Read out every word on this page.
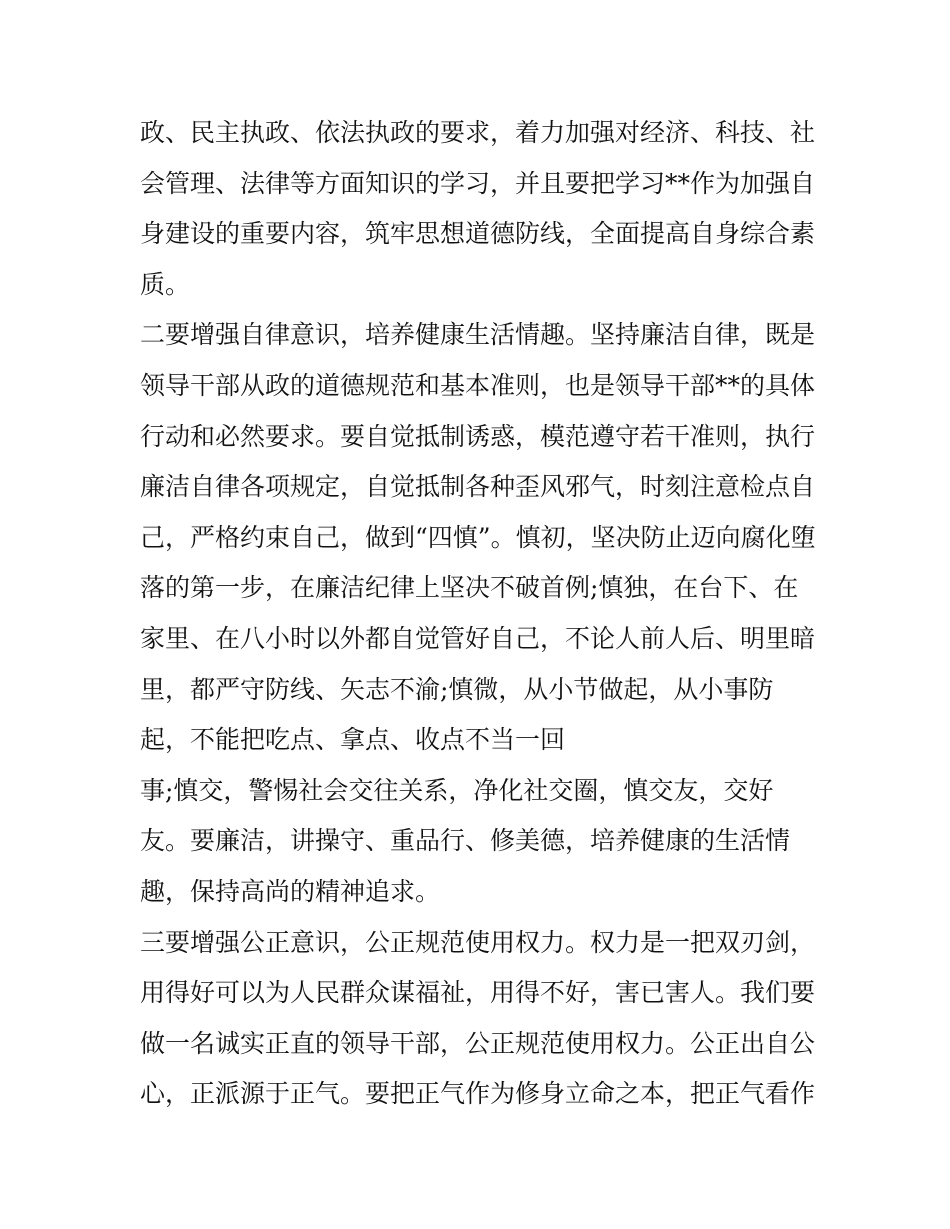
政、民主执政、依法执政的要求，着力加强对经济、科技、社
会管理、法律等方面知识的学习，并且要把学习**作为加强自
身建设的重要内容，筑牢思想道德防线，全面提高自身综合素
质。
二要增强自律意识，培养健康生活情趣。坚持廉洁自律，既是
领导干部从政的道德规范和基本准则，也是领导干部**的具体
行动和必然要求。要自觉抵制诱惑，模范遵守若干准则，执行
廉洁自律各项规定，自觉抵制各种歪风邪气，时刻注意检点自
己，严格约束自己，做到“四慎”。慎初，坚决防止迈向腐化堕
落的第一步，在廉洁纪律上坚决不破首例;慎独，在台下、在
家里、在八小时以外都自觉管好自己，不论人前人后、明里暗
里，都严守防线、矢志不渝;慎微，从小节做起，从小事防
起，不能把吃点、拿点、收点不当一回
事;慎交，警惕社会交往关系，净化社交圈，慎交友，交好
友。要廉洁，讲操守、重品行、修美德，培养健康的生活情
趣，保持高尚的精神追求。
三要增强公正意识，公正规范使用权力。权力是一把双刃剑，
用得好可以为人民群众谋福祉，用得不好，害已害人。我们要
做一名诚实正直的领导干部，公正规范使用权力。公正出自公
心，正派源于正气。要把正气作为修身立命之本，把正气看作
